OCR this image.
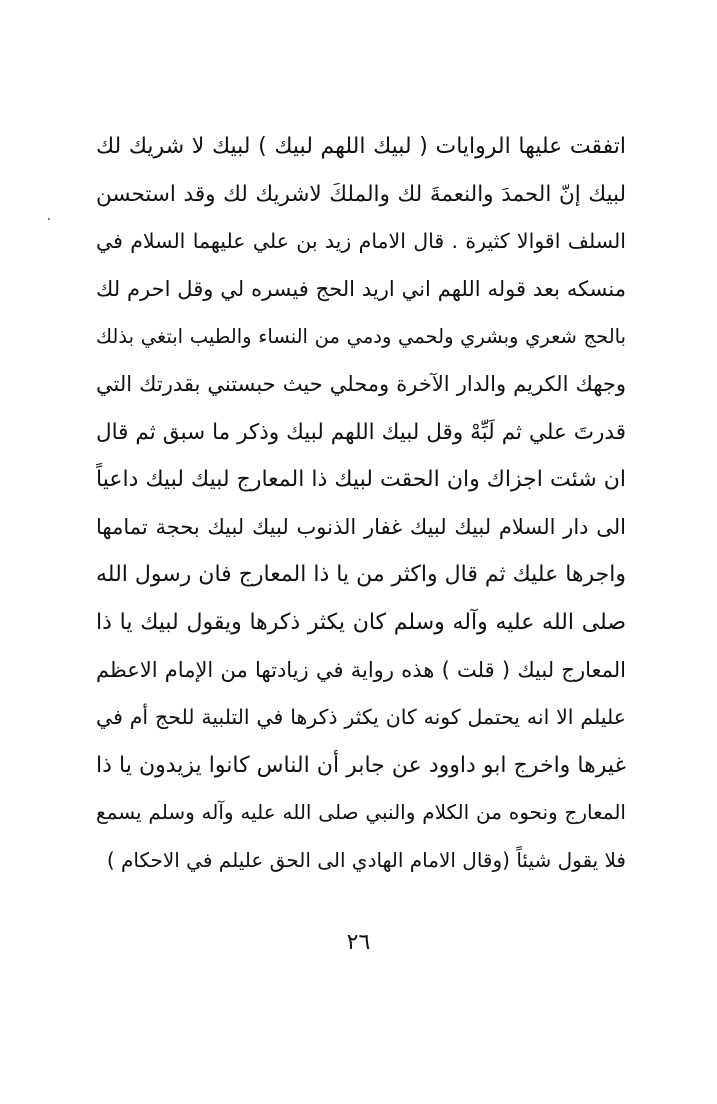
اتفقت عليها الروايات ( لبيك اللهم لبيك ) لبيك لا شريك لك
لبيك إنّ الحمدَ والنعمةَ لك والملكَ لاشريك لك وقد استحسن
السلف اقوالا كثيرة . قال الامام زيد بن علي عليهما السلام في
منسكه بعد قوله اللهم اني اريد الحج فيسره لي وقل احرم لك
بالحج شعري وبشري ولحمي ودمي من النساء والطيب ابتغي بذلك
وجهك الكريم والدار الآخرة ومحلي حيث حبستني بقدرتك التي
قدرتَ علي ثم لَبِّهْ وقل لبيك اللهم لبيك وذكر ما سبق ثم قال
ان شئت اجزاك وان الحقت لبيك ذا المعارج لبيك لبيك داعياً
الى دار السلام لبيك لبيك غفار الذنوب لبيك لبيك بحجة تمامها
واجرها عليك ثم قال واكثر من يا ذا المعارج فان رسول الله
صلى الله عليه وآله وسلم كان يكثر ذكرها ويقول لبيك يا ذا
المعارج لبيك ( قلت ) هذه رواية في زيادتها من الإمام الاعظم
عليلم الا انه يحتمل كونه كان يكثر ذكرها في التلبية للحج أم في
غيرها واخرج ابو داوود عن جابر أن الناس كانوا يزيدون يا ذا
المعارج ونحوه من الكلام والنبي صلى الله عليه وآله وسلم يسمع
فلا يقول شيئاً (وقال الامام الهادي الى الحق عليلم في الاحكام )
٢٦
